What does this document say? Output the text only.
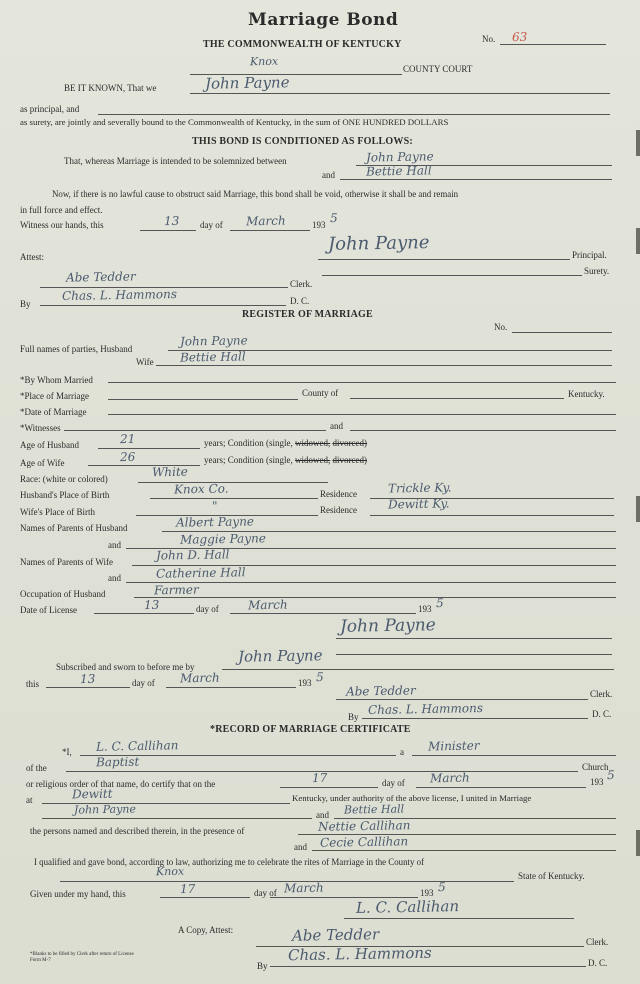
Marriage Bond
THE COMMONWEALTH OF KENTUCKY	No. 63
Knox
COUNTY COURT
BE IT KNOWN, That we	John Payne
as principal, and
as surety, are jointly and severally bound to the Commonwealth of Kentucky, in the sum of ONE HUNDRED DOLLARS
THIS BOND IS CONDITIONED AS FOLLOWS:
That, whereas Marriage is intended to be solemnized between	John Payne
and	Bettie Hall
Now, if there is no lawful cause to obstruct said Marriage, this bond shall be void, otherwise it shall be and remain
in full force and effect.
Witness our hands, this	13 day of March	193 5
Attest:
John Payne
Principal.
Surety.
Abe Tedder	Clerk.
By
Chas. L. Hammons	D. C.
REGISTER OF MARRIAGE
No.
Full names of parties, Husband
John Payne
Wife Bettie Hall
*By Whom Married
*Place of Marriage	County of	Kentucky.
*Date of Marriage
*Witnesses	and
Age of Husband	21	years; Condition (single, widowed, divorced)
Age of Wife	26	years; Condition (single, widowed, divorced)
Race: (white or colored)	White
Husband's Place of Birth	Knox Co.	Residence	Trickle Ky.
Wife's Place of Birth	"	Residence	Dewitt Ky.
Names of Parents of Husband	Albert Payne
and	Maggie Payne
Names of Parents of Wife	John D. Hall
and	Catherine Hall
Occupation of Husband	Farmer
Date of License	13	day of March	193 5
John Payne
Subscribed and sworn to before me by
John Payne
this	13	day of March	193 5
Abe Tedder	Clerk.
By Chas. L. Hammons	D. C.
*RECORD OF MARRIAGE CERTIFICATE
*I, L. C. Callihan	a Minister
of the	Baptist	Church
or religious order of that name, do certify that on the	17	day of March	193 5
at	Dewitt	Kentucky, under authority of the above license, I united in Marriage
John Payne	and Bettie Hall
the persons named and described therein, in the presence of	Nettie Callihan
and Cecie Callihan
I qualified and gave bond, according to law, authorizing me to celebrate the rites of Marriage in the County of
Knox	State of Kentucky.
Given under my hand, this	17	day of March	193 5
L. C. Callihan
A Copy, Attest:	Abe Tedder	Clerk.
By
Chas. L. Hammons	D. C.
*Blanks to be filled by Clerk after return of License
Form M-7
